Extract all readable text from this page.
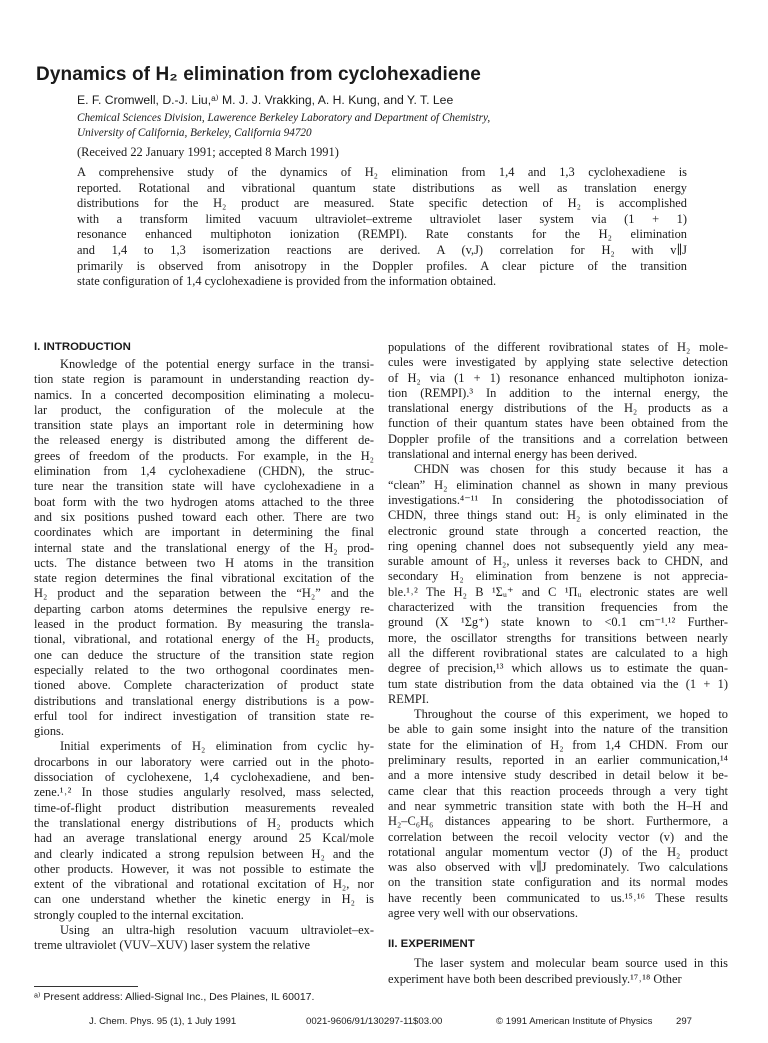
Dynamics of H₂ elimination from cyclohexadiene
E. F. Cromwell, D.-J. Liu,ᵃ⁾ M. J. J. Vrakking, A. H. Kung, and Y. T. Lee
Chemical Sciences Division, Lawerence Berkeley Laboratory and Department of Chemistry,
University of California, Berkeley, California 94720
(Received 22 January 1991; accepted 8 March 1991)
A comprehensive study of the dynamics of H₂ elimination from 1,4 and 1,3 cyclohexadiene is
reported. Rotational and vibrational quantum state distributions as well as translation energy
distributions for the H₂ product are measured. State specific detection of H₂ is accomplished
with a transform limited vacuum ultraviolet–extreme ultraviolet laser system via (1 + 1)
resonance enhanced multiphoton ionization (REMPI). Rate constants for the H₂ elimination
and 1,4 to 1,3 isomerization reactions are derived. A (v,J) correlation for H₂ with v∥J
primarily is observed from anisotropy in the Doppler profiles. A clear picture of the transition
state configuration of 1,4 cyclohexadiene is provided from the information obtained.
I. INTRODUCTION
Knowledge of the potential energy surface in the transi-
tion state region is paramount in understanding reaction dy-
namics. In a concerted decomposition eliminating a molecu-
lar product, the configuration of the molecule at the
transition state plays an important role in determining how
the released energy is distributed among the different de-
grees of freedom of the products. For example, in the H₂
elimination from 1,4 cyclohexadiene (CHDN), the struc-
ture near the transition state will have cyclohexadiene in a
boat form with the two hydrogen atoms attached to the three
and six positions pushed toward each other. There are two
coordinates which are important in determining the final
internal state and the translational energy of the H₂ prod-
ucts. The distance between two H atoms in the transition
state region determines the final vibrational excitation of the
H₂ product and the separation between the “H₂” and the
departing carbon atoms determines the repulsive energy re-
leased in the product formation. By measuring the transla-
tional, vibrational, and rotational energy of the H₂ products,
one can deduce the structure of the transition state region
especially related to the two orthogonal coordinates men-
tioned above. Complete characterization of product state
distributions and translational energy distributions is a pow-
erful tool for indirect investigation of transition state re-
gions.
Initial experiments of H₂ elimination from cyclic hy-
drocarbons in our laboratory were carried out in the photo-
dissociation of cyclohexene, 1,4 cyclohexadiene, and ben-
zene.¹˒² In those studies angularly resolved, mass selected,
time-of-flight product distribution measurements revealed
the translational energy distributions of H₂ products which
had an average translational energy around 25 Kcal/mole
and clearly indicated a strong repulsion between H₂ and the
other products. However, it was not possible to estimate the
extent of the vibrational and rotational excitation of H₂, nor
can one understand whether the kinetic energy in H₂ is
strongly coupled to the internal excitation.
Using an ultra-high resolution vacuum ultraviolet–ex-
treme ultraviolet (VUV–XUV) laser system the relative
populations of the different rovibrational states of H₂ mole-
cules were investigated by applying state selective detection
of H₂ via (1 + 1) resonance enhanced multiphoton ioniza-
tion (REMPI).³ In addition to the internal energy, the
translational energy distributions of the H₂ products as a
function of their quantum states have been obtained from the
Doppler profile of the transitions and a correlation between
translational and internal energy has been derived.
CHDN was chosen for this study because it has a
“clean” H₂ elimination channel as shown in many previous
investigations.⁴⁻¹¹ In considering the photodissociation of
CHDN, three things stand out: H₂ is only eliminated in the
electronic ground state through a concerted reaction, the
ring opening channel does not subsequently yield any mea-
surable amount of H₂, unless it reverses back to CHDN, and
secondary H₂ elimination from benzene is not apprecia-
ble.¹˒² The H₂ B ¹Σᵤ⁺ and C ¹Πᵤ electronic states are well
characterized with the transition frequencies from the
ground (X ¹Σg⁺) state known to <0.1 cm⁻¹.¹² Further-
more, the oscillator strengths for transitions between nearly
all the different rovibrational states are calculated to a high
degree of precision,¹³ which allows us to estimate the quan-
tum state distribution from the data obtained via the (1 + 1)
REMPI.
Throughout the course of this experiment, we hoped to
be able to gain some insight into the nature of the transition
state for the elimination of H₂ from 1,4 CHDN. From our
preliminary results, reported in an earlier communication,¹⁴
and a more intensive study described in detail below it be-
came clear that this reaction proceeds through a very tight
and near symmetric transition state with both the H–H and
H₂–C₆H₆ distances appearing to be short. Furthermore, a
correlation between the recoil velocity vector (v) and the
rotational angular momentum vector (J) of the H₂ product
was also observed with v∥J predominately. Two calculations
on the transition state configuration and its normal modes
have recently been communicated to us.¹⁵˒¹⁶ These results
agree very well with our observations.
II. EXPERIMENT
The laser system and molecular beam source used in this
experiment have both been described previously.¹⁷˒¹⁸ Other
ᵃ⁾ Present address: Allied-Signal Inc., Des Plaines, IL 60017.
J. Chem. Phys. 95 (1), 1 July 1991	0021-9606/91/130297-11$03.00	© 1991 American Institute of Physics 297
